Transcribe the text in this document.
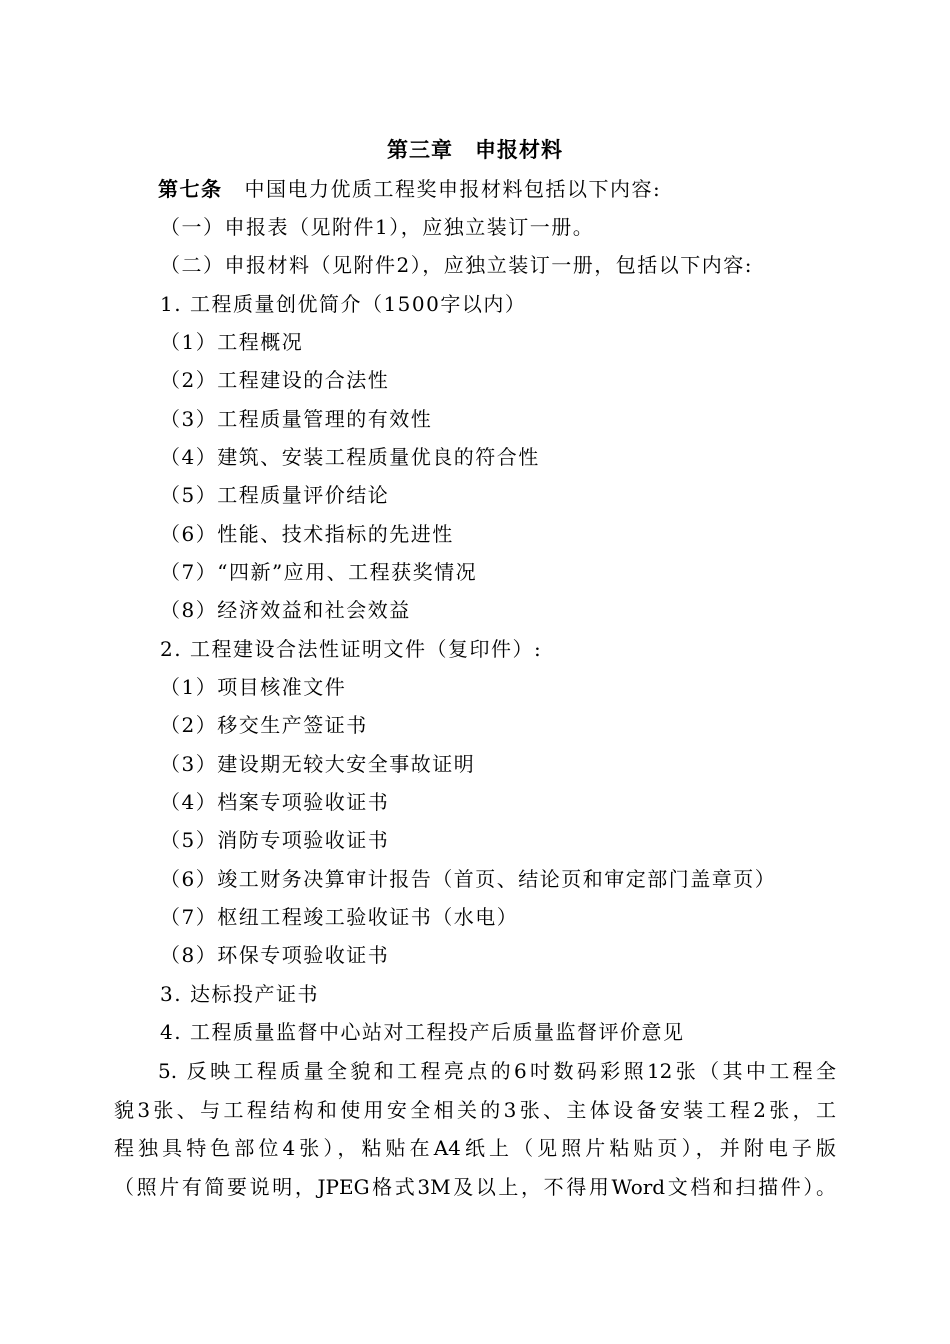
第三章　申报材料
第七条 中国电力优质工程奖申报材料包括以下内容:
（一）申报表（见附件1），应独立装订一册。
（二）申报材料（见附件2），应独立装订一册，包括以下内容:
1. 工程质量创优简介（1500字以内）
（1）工程概况
（2）工程建设的合法性
（3）工程质量管理的有效性
（4）建筑、安装工程质量优良的符合性
（5）工程质量评价结论
（6）性能、技术指标的先进性
（7）“四新”应用、工程获奖情况
（8）经济效益和社会效益
2. 工程建设合法性证明文件（复印件）:
（1）项目核准文件
（2）移交生产签证书
（3）建设期无较大安全事故证明
（4）档案专项验收证书
（5）消防专项验收证书
（6）竣工财务决算审计报告（首页、结论页和审定部门盖章页）
（7）枢纽工程竣工验收证书（水电）
（8）环保专项验收证书
3. 达标投产证书
4. 工程质量监督中心站对工程投产后质量监督评价意见
5. 反映工程质量全貌和工程亮点的6吋数码彩照12张（其中工程全
貌3张、与工程结构和使用安全相关的3张、主体设备安装工程2张，工
程独具特色部位4张），粘贴在A4纸上（见照片粘贴页），并附电子版
（照片有简要说明，JPEG格式3M及以上，不得用Word文档和扫描件）。
